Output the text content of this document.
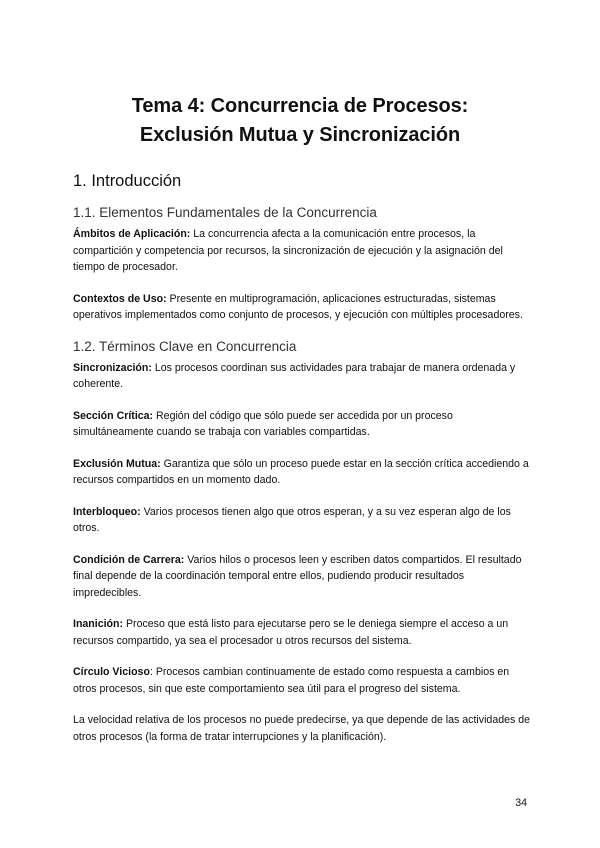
Tema 4: Concurrencia de Procesos:
Exclusión Mutua y Sincronización
1. Introducción
1.1. Elementos Fundamentales de la Concurrencia

Ámbitos de Aplicación: La concurrencia afecta a la comunicación entre procesos, la compartición y competencia por recursos, la sincronización de ejecución y la asignación del tiempo de procesador.

Contextos de Uso: Presente en multiprogramación, aplicaciones estructuradas, sistemas operativos implementados como conjunto de procesos, y ejecución con múltiples procesadores.

1.2. Términos Clave en Concurrencia

Sincronización: Los procesos coordinan sus actividades para trabajar de manera ordenada y coherente.

Sección Crítica: Región del código que sólo puede ser accedida por un proceso simultáneamente cuando se trabaja con variables compartidas.

Exclusión Mutua: Garantiza que sólo un proceso puede estar en la sección crítica accediendo a recursos compartidos en un momento dado.

Interbloqueo: Varios procesos tienen algo que otros esperan, y a su vez esperan algo de los otros.

Condición de Carrera: Varios hilos o procesos leen y escriben datos compartidos. El resultado final depende de la coordinación temporal entre ellos, pudiendo producir resultados impredecibles.

Inanición: Proceso que está listo para ejecutarse pero se le deniega siempre el acceso a un recursos compartido, ya sea el procesador u otros recursos del sistema.

Círculo Vicioso: Procesos cambian continuamente de estado como respuesta a cambios en otros procesos, sin que este comportamiento sea útil para el progreso del sistema.

La velocidad relativa de los procesos no puede predecirse, ya que depende de las actividades de otros procesos (la forma de tratar interrupciones y la planificación).

34
